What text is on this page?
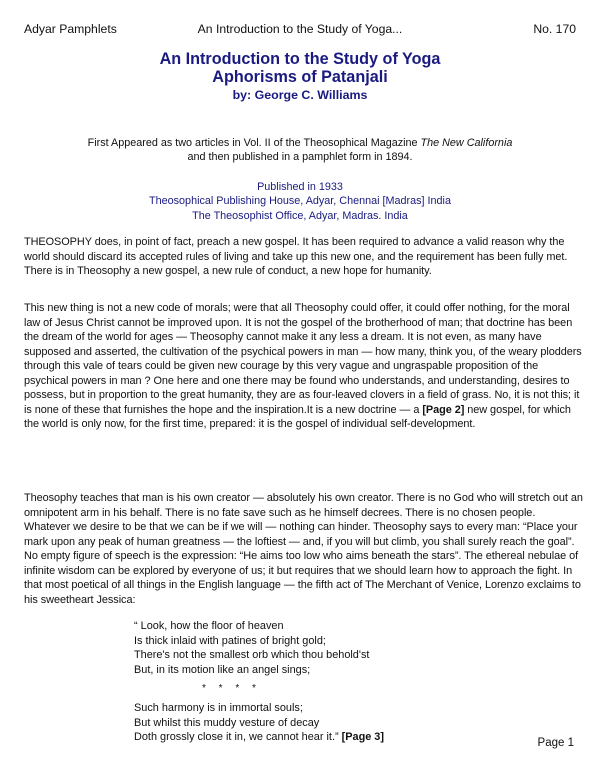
Adyar Pamphlets	An Introduction to the Study of Yoga...	No. 170
An Introduction to the Study of Yoga
Aphorisms of Patanjali
by: George C. Williams
First Appeared as two articles in Vol. II of the Theosophical Magazine The New California
and then published in a pamphlet form in 1894.
Published in 1933
Theosophical Publishing House, Adyar, Chennai [Madras] India
The Theosophist Office, Adyar, Madras. India

THEOSOPHY does, in point of fact, preach a new gospel. It has been required to advance a valid reason why the world should discard its accepted rules of living and take up this new one, and the requirement has been fully met. There is in Theosophy a new gospel, a new rule of conduct, a new hope for humanity.

This new thing is not a new code of morals; were that all Theosophy could offer, it could offer nothing, for the moral law of Jesus Christ cannot be improved upon. It is not the gospel of the brotherhood of man; that doctrine has been the dream of the world for ages — Theosophy cannot make it any less a dream. It is not even, as many have supposed and asserted, the cultivation of the psychical powers in man — how many, think you, of the weary plodders through this vale of tears could be given new courage by this very vague and ungraspable proposition of the psychical powers in man ? One here and one there may be found who understands, and understanding, desires to possess, but in proportion to the great humanity, they are as four-leaved clovers in a field of grass. No, it is not this; it is none of these that furnishes the hope and the inspiration.It is a new doctrine — a [Page 2] new gospel, for which the world is only now, for the first time, prepared: it is the gospel of individual self-development.

Theosophy teaches that man is his own creator — absolutely his own creator. There is no God who will stretch out an omnipotent arm in his behalf. There is no fate save such as he himself decrees. There is no chosen people. Whatever we desire to be that we can be if we will — nothing can hinder. Theosophy says to every man: “Place your mark upon any peak of human greatness — the loftiest — and, if you will but climb, you shall surely reach the goal”. No empty figure of speech is the expression: “He aims too low who aims beneath the stars”. The ethereal nebulae of infinite wisdom can be explored by everyone of us; it but requires that we should learn how to approach the fight. In that most poetical of all things in the English language — the fifth act of The Merchant of Venice, Lorenzo exclaims to his sweetheart Jessica:

“ Look, how the floor of heaven
Is thick inlaid with patines of bright gold;
There's not the smallest orb which thou behold'st
But, in its motion like an angel sings;
* * * *
Such harmony is in immortal souls;
But whilst this muddy vesture of decay
Doth grossly close it in, we cannot hear it.” [Page 3]	Page 1
